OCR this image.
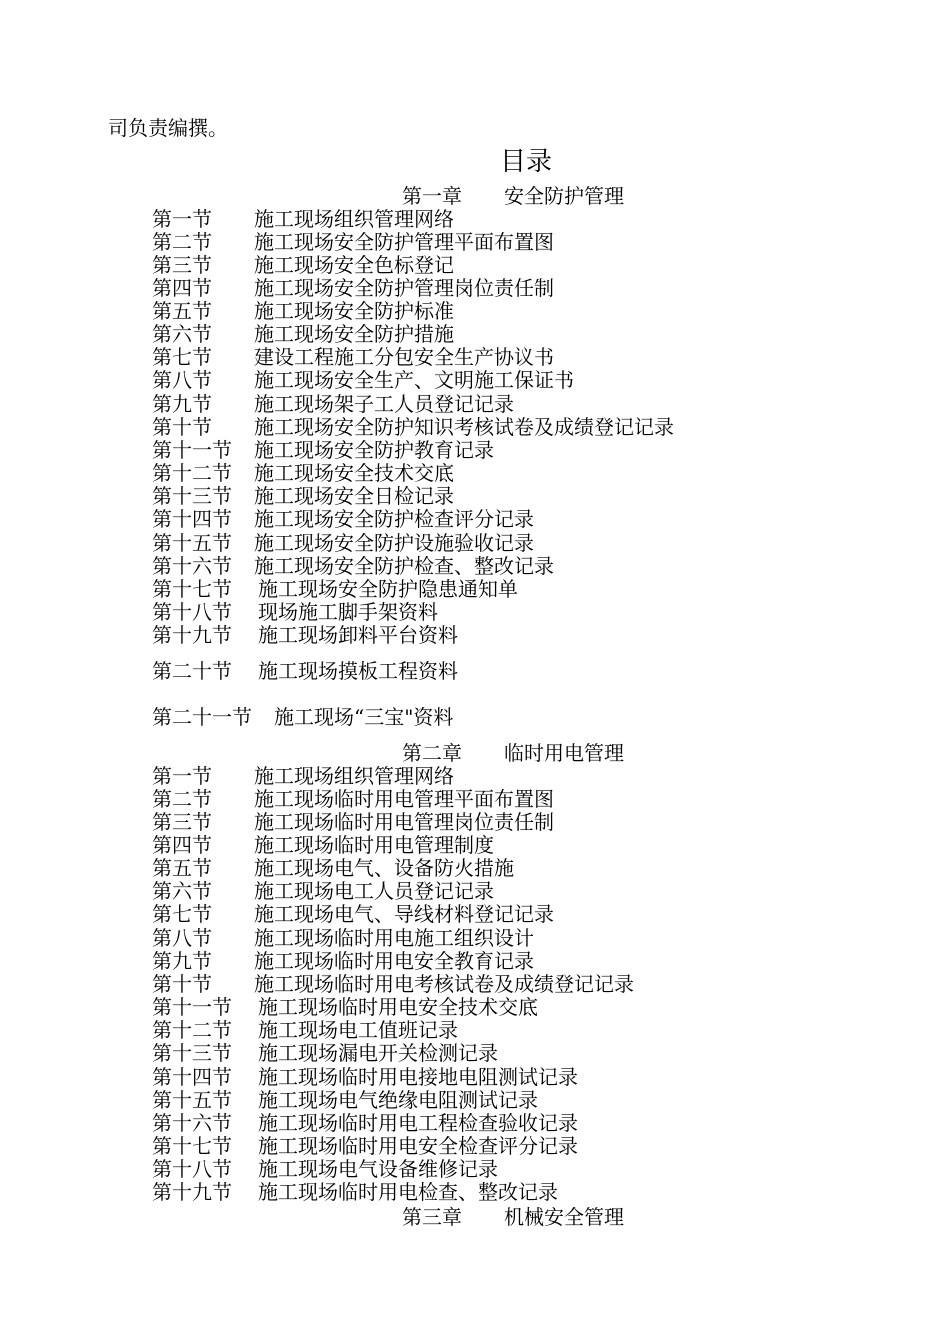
司负责编撰。
目录
第一章 安全防护管理
第一节 施工现场组织管理网络
第二节 施工现场安全防护管理平面布置图
第三节 施工现场安全色标登记
第四节 施工现场安全防护管理岗位责任制
第五节 施工现场安全防护标准
第六节 施工现场安全防护措施
第七节 建设工程施工分包安全生产协议书
第八节 施工现场安全生产、文明施工保证书
第九节 施工现场架子工人员登记记录
第十节 施工现场安全防护知识考核试卷及成绩登记记录
第十一节 施工现场安全防护教育记录
第十二节 施工现场安全技术交底
第十三节 施工现场安全日检记录
第十四节 施工现场安全防护检查评分记录
第十五节 施工现场安全防护设施验收记录
第十六节 施工现场安全防护检查、整改记录
第十七节 施工现场安全防护隐患通知单
第十八节 现场施工脚手架资料
第十九节 施工现场卸料平台资料
第二十节 施工现场摸板工程资料
第二十一节 施工现场“三宝"资料
第二章 临时用电管理
第一节 施工现场组织管理网络
第二节 施工现场临时用电管理平面布置图
第三节 施工现场临时用电管理岗位责任制
第四节 施工现场临时用电管理制度
第五节 施工现场电气、设备防火措施
第六节 施工现场电工人员登记记录
第七节 施工现场电气、导线材料登记记录
第八节 施工现场临时用电施工组织设计
第九节 施工现场临时用电安全教育记录
第十节 施工现场临时用电考核试卷及成绩登记记录
第十一节 施工现场临时用电安全技术交底
第十二节 施工现场电工值班记录
第十三节 施工现场漏电开关检测记录
第十四节 施工现场临时用电接地电阻测试记录
第十五节 施工现场电气绝缘电阻测试记录
第十六节 施工现场临时用电工程检查验收记录
第十七节 施工现场临时用电安全检查评分记录
第十八节 施工现场电气设备维修记录
第十九节 施工现场临时用电检查、整改记录
第三章 机械安全管理
